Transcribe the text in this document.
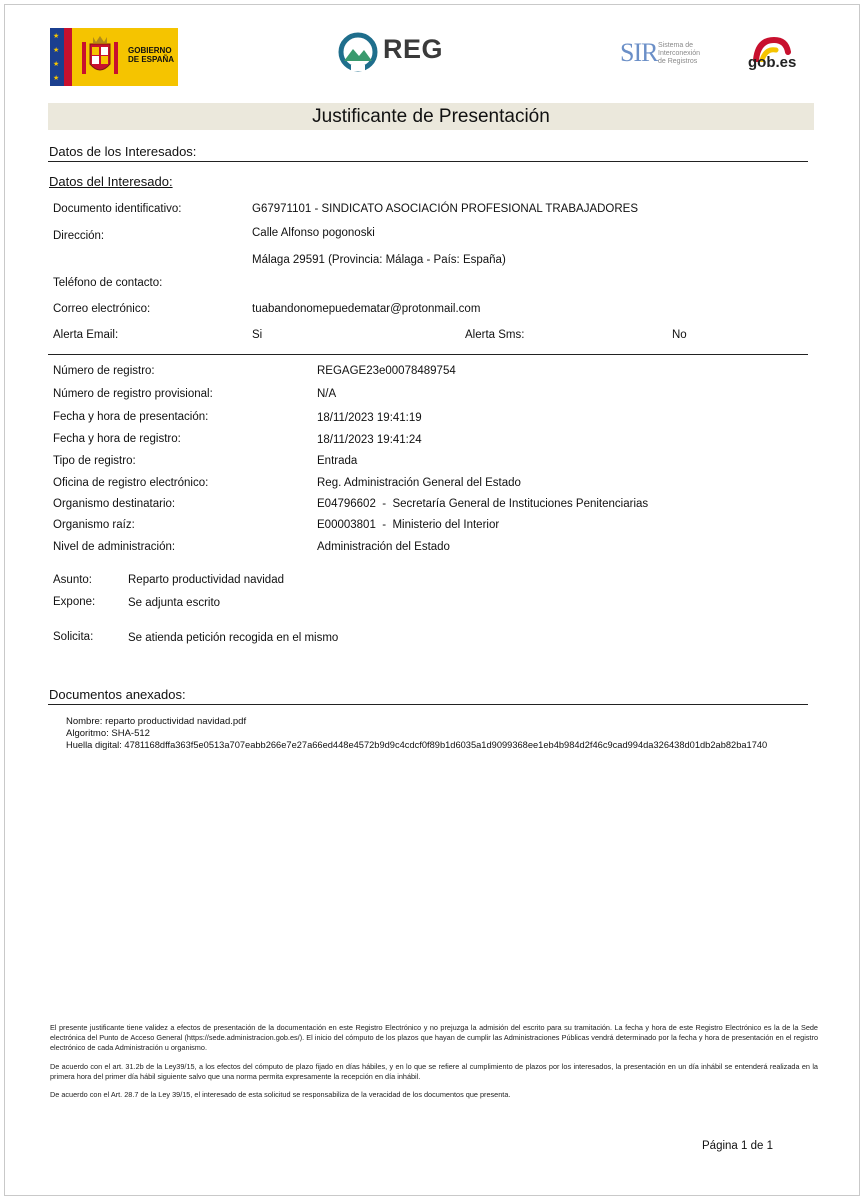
★
★
★
★
GOBIERNO
DE ESPAÑA	REG	SIR Sistema de
Interconexión
de Registros	gob.es
Justificante de Presentación
Datos de los Interesados:
Datos del Interesado:
Documento identificativo:	G67971101 - SINDICATO ASOCIACIÓN PROFESIONAL TRABAJADORES
Dirección:	Calle Alfonso pogonoski
Málaga 29591 (Provincia: Málaga - País: España)
Teléfono de contacto:
Correo electrónico:	tuabandonomepuedematar@protonmail.com
Alerta Email:	Si	Alerta Sms:	No
Número de registro:	REGAGE23e00078489754
Número de registro provisional:	N/A
Fecha y hora de presentación:	18/11/2023 19:41:19
Fecha y hora de registro:	18/11/2023 19:41:24
Tipo de registro:	Entrada
Oficina de registro electrónico:	Reg. Administración General del Estado
Organismo destinatario:	E04796602  -  Secretaría General de Instituciones Penitenciarias
Organismo raíz:	E00003801  -  Ministerio del Interior
Nivel de administración:	Administración del Estado
Asunto:	Reparto productividad navidad
Expone:	Se adjunta escrito
Solicita:	Se atienda petición recogida en el mismo
Documentos anexados:
Nombre: reparto productividad navidad.pdf
Algoritmo: SHA-512
Huella digital: 4781168dffa363f5e0513a707eabb266e7e27a66ed448e4572b9d9c4cdcf0f89b1d6035a1d9099368ee1eb4b984d2f46c9cad994da326438d01db2ab82ba1740
El presente justificante tiene validez a efectos de presentación de la documentación en este Registro Electrónico y no prejuzga la admisión del escrito para su tramitación. La fecha y hora de este Registro Electrónico es la de la Sede electrónica del Punto de Acceso General (https://sede.administracion.gob.es/). El inicio del cómputo de los plazos que hayan de cumplir las Administraciones Públicas vendrá determinado por la fecha y hora de presentación en el registro electrónico de cada Administración u organismo.
De acuerdo con el art. 31.2b de la Ley39/15, a los efectos del cómputo de plazo fijado en días hábiles, y en lo que se refiere al cumplimiento de plazos por los interesados, la presentación en un día inhábil se entenderá realizada en la primera hora del primer día hábil siguiente salvo que una norma permita expresamente la recepción en día inhábil.
De acuerdo con el Art. 28.7 de la Ley 39/15, el interesado de esta solicitud se responsabiliza de la veracidad de los documentos que presenta.
Página 1 de 1
